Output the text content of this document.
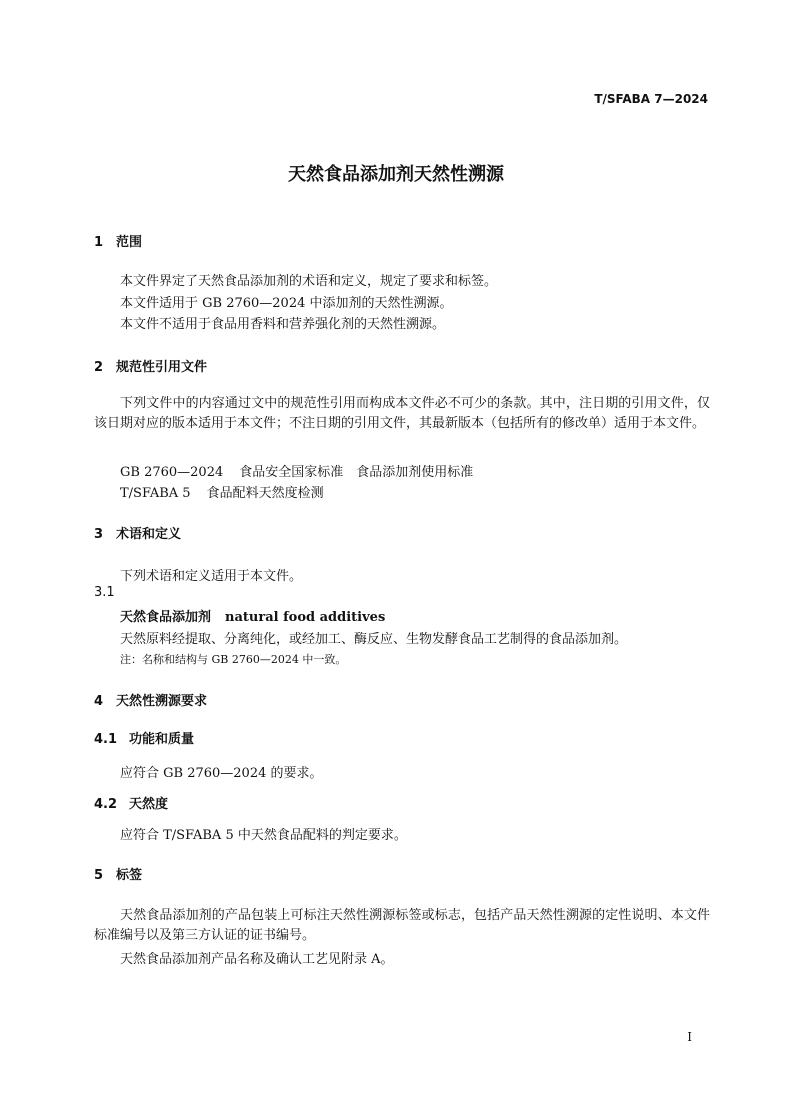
T/SFABA 7—2024
天然食品添加剂天然性溯源
1 范围
本文件界定了天然食品添加剂的术语和定义，规定了要求和标签。
本文件适用于 GB 2760—2024 中添加剂的天然性溯源。
本文件不适用于食品用香料和营养强化剂的天然性溯源。
2 规范性引用文件
下列文件中的内容通过文中的规范性引用而构成本文件必不可少的条款。其中，注日期的引用文件，仅该日期对应的版本适用于本文件；不注日期的引用文件，其最新版本（包括所有的修改单）适用于本文件。
GB 2760—2024 食品安全国家标准　食品添加剂使用标准
T/SFABA 5 食品配料天然度检测
3 术语和定义
下列术语和定义适用于本文件。
3.1
天然食品添加剂 natural food additives
天然原料经提取、分离纯化，或经加工、酶反应、生物发酵食品工艺制得的食品添加剂。
注：名称和结构与 GB 2760—2024 中一致。
4 天然性溯源要求
4.1 功能和质量
应符合 GB 2760—2024 的要求。
4.2 天然度
应符合 T/SFABA 5 中天然食品配料的判定要求。
5 标签
天然食品添加剂的产品包装上可标注天然性溯源标签或标志，包括产品天然性溯源的定性说明、本文件标准编号以及第三方认证的证书编号。
天然食品添加剂产品名称及确认工艺见附录 A。
I
